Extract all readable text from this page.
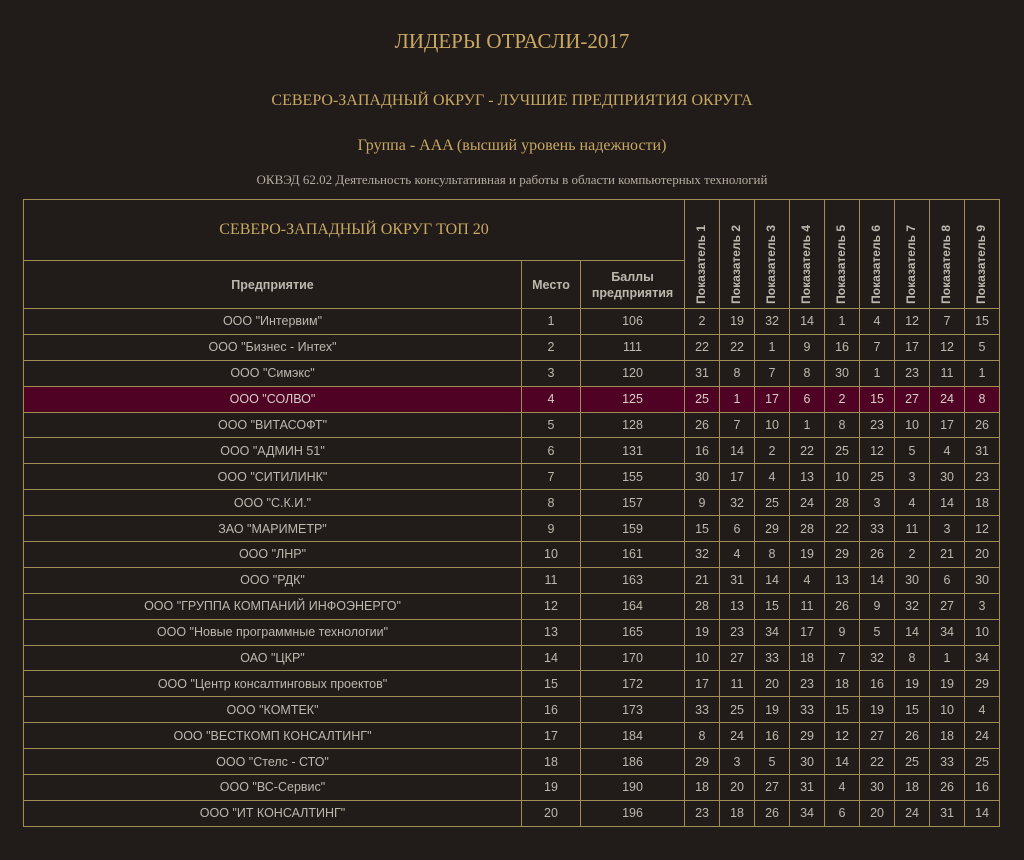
ЛИДЕРЫ ОТРАСЛИ-2017
СЕВЕРО-ЗАПАДНЫЙ ОКРУГ - ЛУЧШИЕ ПРЕДПРИЯТИЯ ОКРУГА
Группа - AAA (высший уровень надежности)
ОКВЭД 62.02 Деятельность консультативная и работы в области компьютерных технологий
СЕВЕРО-ЗАПАДНЫЙ ОКРУГ ТОП 20			Показатель 1	Показатель 2	Показатель 3	Показатель 4	Показатель 5	Показатель 6	Показатель 7	Показатель 8	Показатель 9

Предприятие	Место	Баллы предприятия									
ООО "Интервим"	1	106	2	19	32	14	1	4	12	7	15
ООО "Бизнес - Интех"	2	111	22	22	1	9	16	7	17	12	5
ООО "Симэкс"	3	120	31	8	7	8	30	1	23	11	1
ООО "СОЛВО"	4	125	25	1	17	6	2	15	27	24	8
ООО "ВИТАСОФТ"	5	128	26	7	10	1	8	23	10	17	26
ООО "АДМИН 51"	6	131	16	14	2	22	25	12	5	4	31
ООО "СИТИЛИНК"	7	155	30	17	4	13	10	25	3	30	23
ООО "С.К.И."	8	157	9	32	25	24	28	3	4	14	18
ЗАО "МАРИМЕТР"	9	159	15	6	29	28	22	33	11	3	12
ООО "ЛНР"	10	161	32	4	8	19	29	26	2	21	20
ООО "РДК"	11	163	21	31	14	4	13	14	30	6	30
ООО "ГРУППА КОМПАНИЙ ИНФОЭНЕРГО"	12	164	28	13	15	11	26	9	32	27	3
ООО "Новые программные технологии"	13	165	19	23	34	17	9	5	14	34	10
ОАО "ЦКР"	14	170	10	27	33	18	7	32	8	1	34
ООО "Центр консалтинговых проектов"	15	172	17	11	20	23	18	16	19	19	29
ООО "КОМТЕК"	16	173	33	25	19	33	15	19	15	10	4
ООО "ВЕСТКОМП КОНСАЛТИНГ"	17	184	8	24	16	29	12	27	26	18	24
ООО "Стелс - СТО"	18	186	29	3	5	30	14	22	25	33	25
ООО "ВС-Сервис"	19	190	18	20	27	31	4	30	18	26	16
ООО "ИТ КОНСАЛТИНГ"	20	196	23	18	26	34	6	20	24	31	14
